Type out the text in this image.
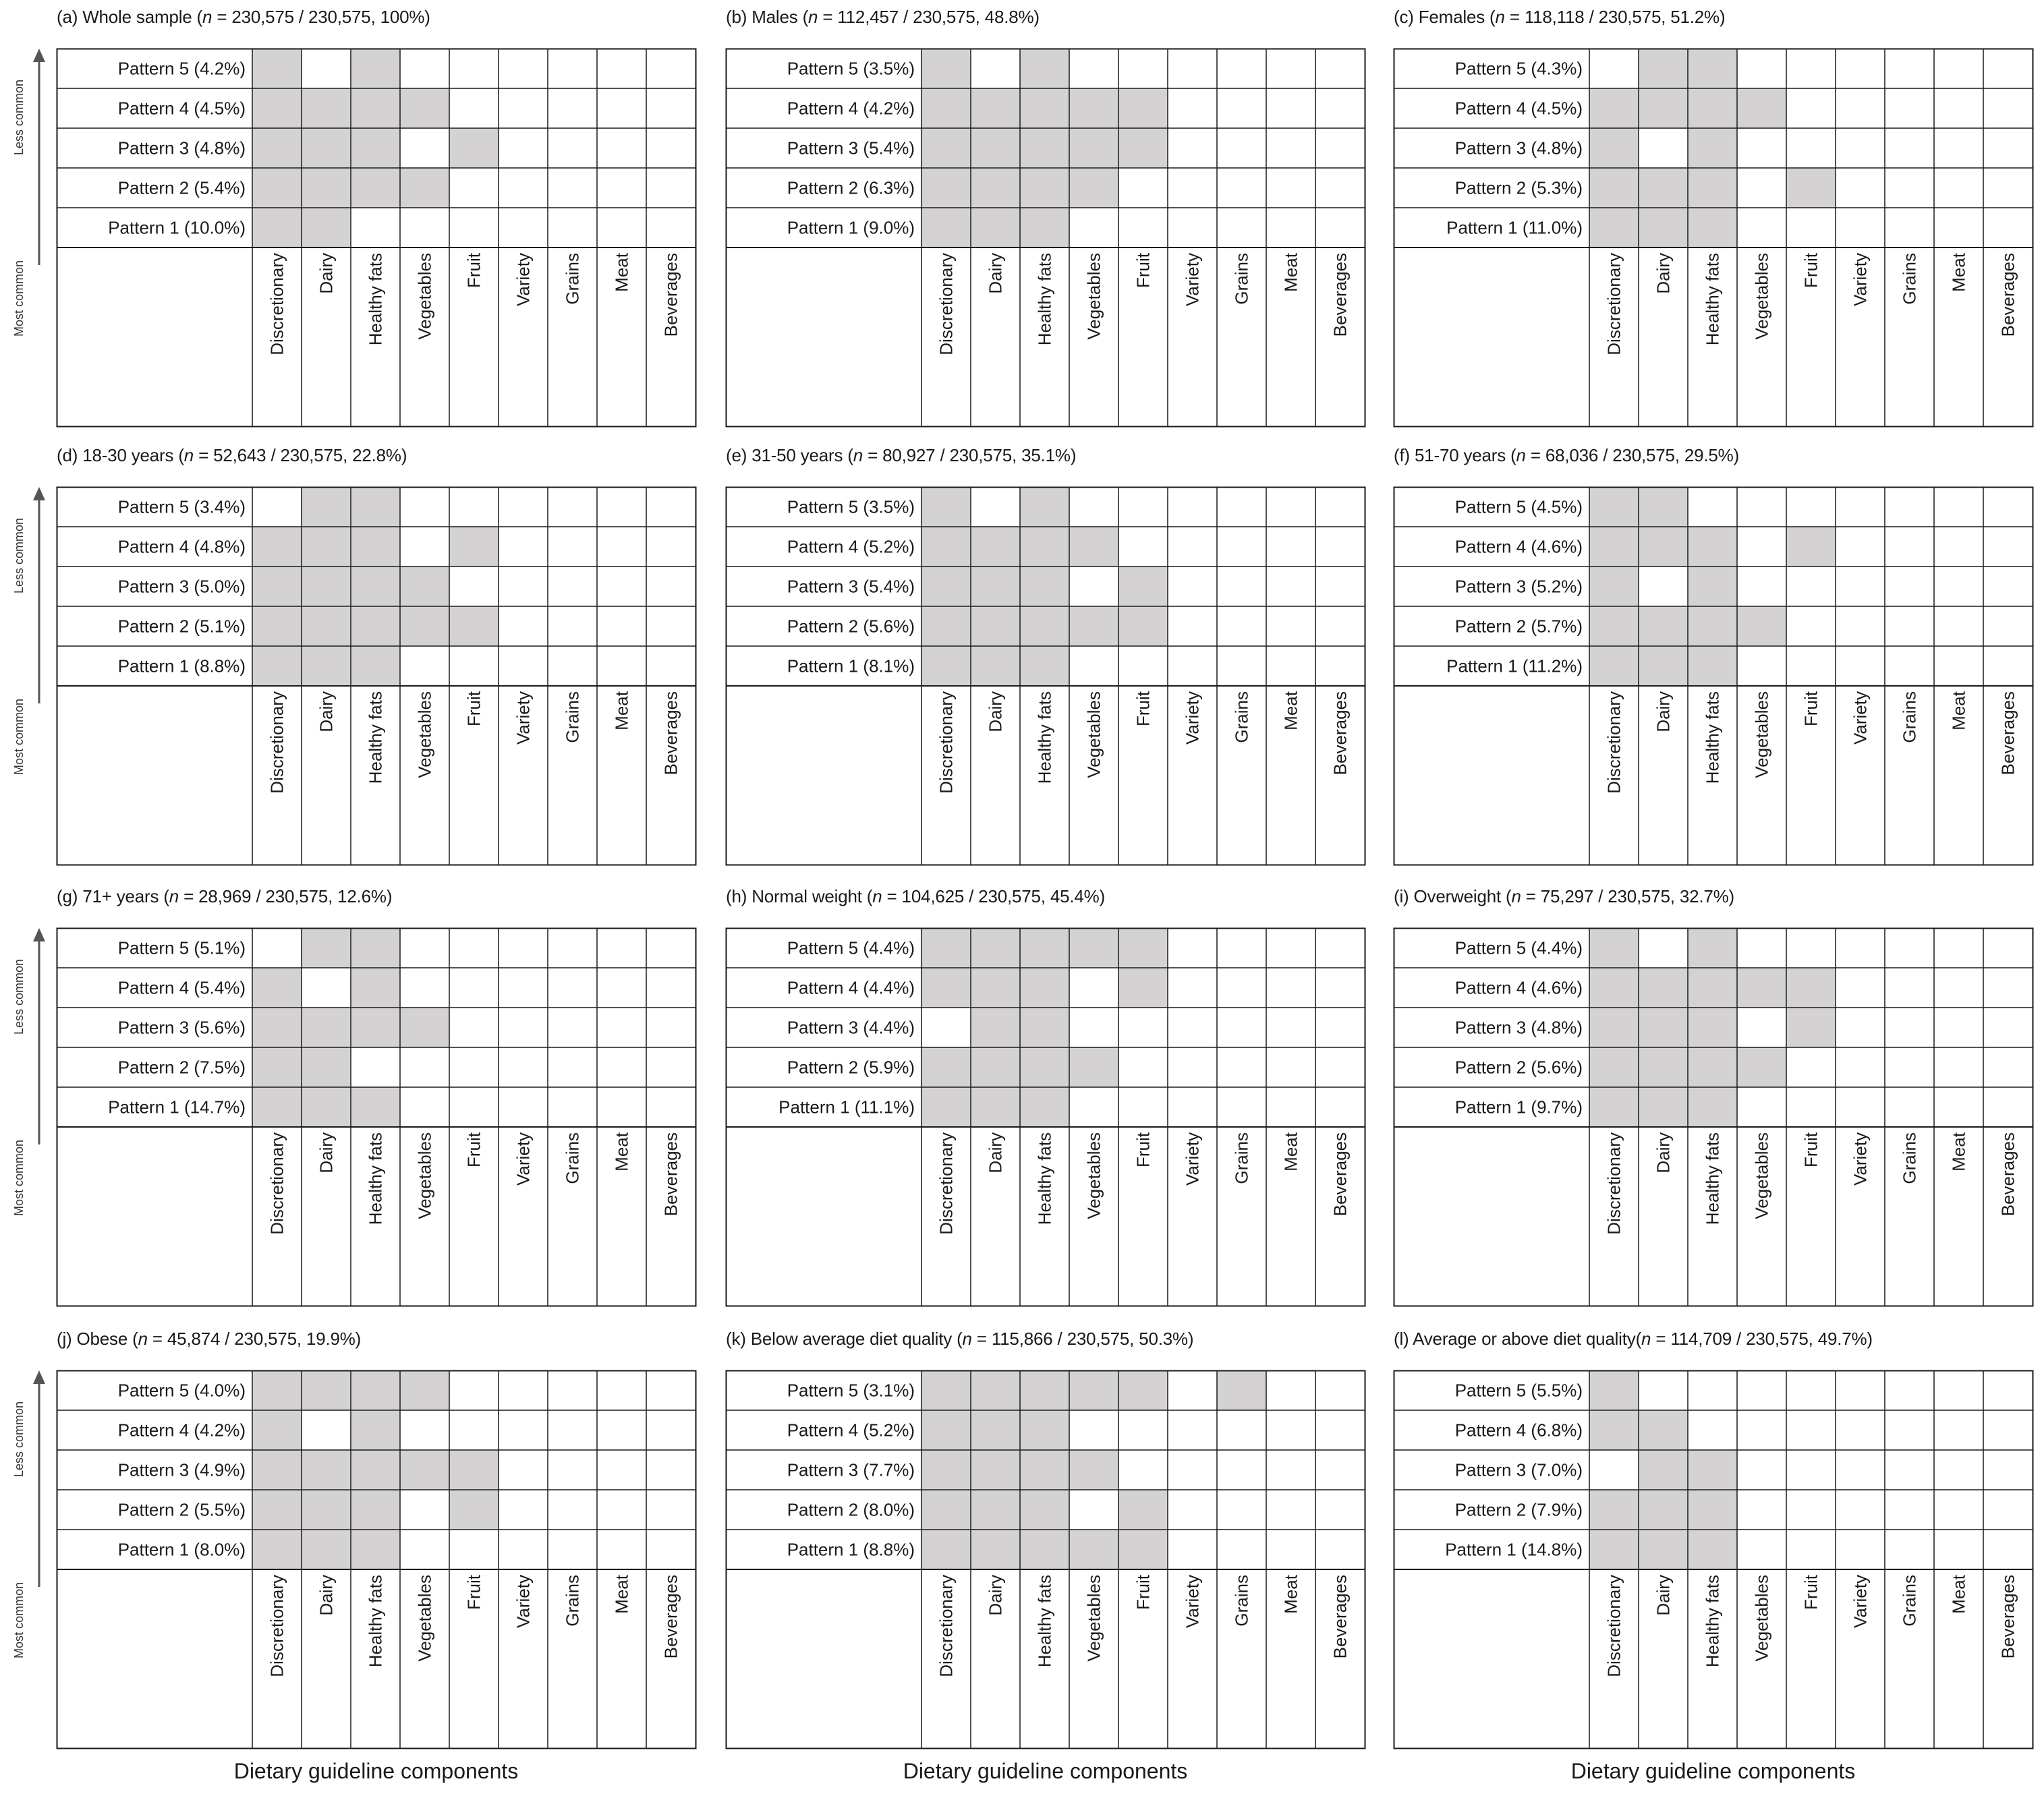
(a) Whole sample (n = 230,575 / 230,575, 100%)
Pattern 5 (4.2%)
Pattern 4 (4.5%)
Pattern 3 (4.8%)
Pattern 2 (5.4%)
Pattern 1 (10.0%)
Discretionary Dairy Healthy fats Vegetables Fruit Variety Grains Meat Beverages
Less common
Most common
(b) Males (n = 112,457 / 230,575, 48.8%)
Pattern 5 (3.5%)
Pattern 4 (4.2%)
Pattern 3 (5.4%)
Pattern 2 (6.3%)
Pattern 1 (9.0%)
Discretionary Dairy Healthy fats Vegetables Fruit Variety Grains Meat Beverages
(c) Females (n = 118,118 / 230,575, 51.2%)
Pattern 5 (4.3%)
Pattern 4 (4.5%)
Pattern 3 (4.8%)
Pattern 2 (5.3%)
Pattern 1 (11.0%)
Discretionary Dairy Healthy fats Vegetables Fruit Variety Grains Meat Beverages
(d) 18-30 years (n = 52,643 / 230,575, 22.8%)
Pattern 5 (3.4%)
Pattern 4 (4.8%)
Pattern 3 (5.0%)
Pattern 2 (5.1%)
Pattern 1 (8.8%)
Discretionary Dairy Healthy fats Vegetables Fruit Variety Grains Meat Beverages
Less common
Most common
(e) 31-50 years (n = 80,927 / 230,575, 35.1%)
Pattern 5 (3.5%)
Pattern 4 (5.2%)
Pattern 3 (5.4%)
Pattern 2 (5.6%)
Pattern 1 (8.1%)
Discretionary Dairy Healthy fats Vegetables Fruit Variety Grains Meat Beverages
(f) 51-70 years (n = 68,036 / 230,575, 29.5%)
Pattern 5 (4.5%)
Pattern 4 (4.6%)
Pattern 3 (5.2%)
Pattern 2 (5.7%)
Pattern 1 (11.2%)
Discretionary Dairy Healthy fats Vegetables Fruit Variety Grains Meat Beverages
(g) 71+ years (n = 28,969 / 230,575, 12.6%)
Pattern 5 (5.1%)
Pattern 4 (5.4%)
Pattern 3 (5.6%)
Pattern 2 (7.5%)
Pattern 1 (14.7%)
Discretionary Dairy Healthy fats Vegetables Fruit Variety Grains Meat Beverages
Less common
Most common
(h) Normal weight (n = 104,625 / 230,575, 45.4%)
Pattern 5 (4.4%)
Pattern 4 (4.4%)
Pattern 3 (4.4%)
Pattern 2 (5.9%)
Pattern 1 (11.1%)
Discretionary Dairy Healthy fats Vegetables Fruit Variety Grains Meat Beverages
(i) Overweight (n = 75,297 / 230,575, 32.7%)
Pattern 5 (4.4%)
Pattern 4 (4.6%)
Pattern 3 (4.8%)
Pattern 2 (5.6%)
Pattern 1 (9.7%)
Discretionary Dairy Healthy fats Vegetables Fruit Variety Grains Meat Beverages
(j) Obese (n = 45,874 / 230,575, 19.9%)
Pattern 5 (4.0%)
Pattern 4 (4.2%)
Pattern 3 (4.9%)
Pattern 2 (5.5%)
Pattern 1 (8.0%)
Discretionary Dairy Healthy fats Vegetables Fruit Variety Grains Meat Beverages
Less common
Most common
(k) Below average diet quality (n = 115,866 / 230,575, 50.3%)
Pattern 5 (3.1%)
Pattern 4 (5.2%)
Pattern 3 (7.7%)
Pattern 2 (8.0%)
Pattern 1 (8.8%)
Discretionary Dairy Healthy fats Vegetables Fruit Variety Grains Meat Beverages
(l) Average or above diet quality(n = 114,709 / 230,575, 49.7%)
Pattern 5 (5.5%)
Pattern 4 (6.8%)
Pattern 3 (7.0%)
Pattern 2 (7.9%)
Pattern 1 (14.8%)
Discretionary Dairy Healthy fats Vegetables Fruit Variety Grains Meat Beverages
Dietary guideline components	Dietary guideline components	Dietary guideline components
